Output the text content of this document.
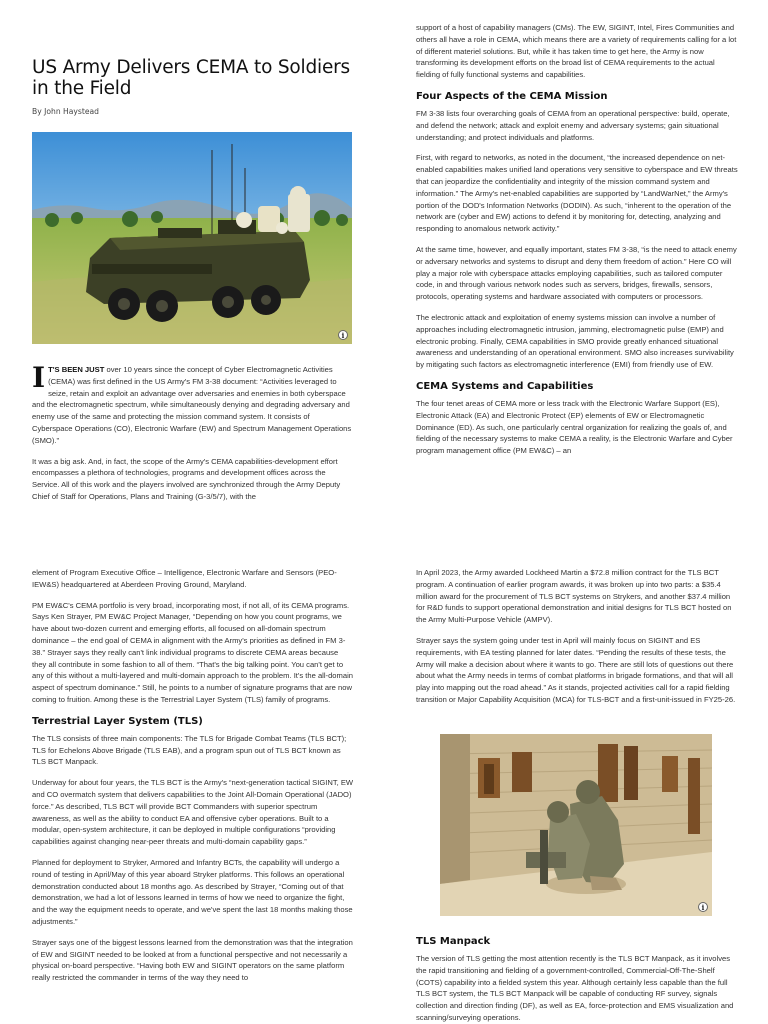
US Army Delivers CEMA to Soldiers in the Field
By John Haystead
i

I T'S BEEN JUST over 10 years since the concept of Cyber Electromagnetic Activities (CEMA) was first defined in the US Army's FM 3-38 document: “Activities leveraged to seize, retain and exploit an advantage over adversaries and enemies in both cyberspace and the electromagnetic spectrum, while simultaneously denying and degrading adversary and enemy use of the same and protecting the mission command system. It consists of Cyberspace Operations (CO), Electronic Warfare (EW) and Spectrum Management Operations (SMO).”

It was a big ask. And, in fact, the scope of the Army's CEMA capabilities-development effort encompasses a plethora of technologies, programs and development offices across the Service. All of this work and the players involved are synchronized through the Army Deputy Chief of Staff for Operations, Plans and Training (G-3/5/7), with the

support of a host of capability managers (CMs). The EW, SIGINT, Intel, Fires Communities and others all have a role in CEMA, which means there are a variety of requirements calling for a lot of different materiel solutions. But, while it has taken time to get here, the Army is now transforming its development efforts on the broad list of CEMA requirements to the actual fielding of fully functional systems and capabilities.

Four Aspects of the CEMA Mission

FM 3-38 lists four overarching goals of CEMA from an operational perspective: build, operate, and defend the network; attack and exploit enemy and adversary systems; gain situational understanding; and protect individuals and platforms.

First, with regard to networks, as noted in the document, “the increased dependence on net-enabled capabilities makes unified land operations very sensitive to cyberspace and EW threats that can jeopardize the confidentiality and integrity of the mission command system and information.” The Army's net-enabled capabilities are supported by “LandWarNet,” the Army's portion of the DOD's Information Networks (DODIN). As such, “inherent to the operation of the network are (cyber and EW) actions to defend it by monitoring for, detecting, analyzing and responding to anomalous network activity.”

At the same time, however, and equally important, states FM 3-38, “is the need to attack enemy or adversary networks and systems to disrupt and deny them freedom of action.” Here CO will play a major role with cyberspace attacks employing capabilities, such as tailored computer code, in and through various network nodes such as servers, bridges, firewalls, sensors, protocols, operating systems and hardware associated with computers or processors.

The electronic attack and exploitation of enemy systems mission can involve a number of approaches including electromagnetic intrusion, jamming, electromagnetic pulse (EMP) and electronic probing. Finally, CEMA capabilities in SMO provide greatly enhanced situational awareness and understanding of an operational environment. SMO also increases survivability by mitigating such factors as electromagnetic interference (EMI) from friendly use of EW.

CEMA Systems and Capabilities

The four tenet areas of CEMA more or less track with the Electronic Warfare Support (ES), Electronic Attack (EA) and Electronic Protect (EP) elements of EW or Electromagnetic Dominance (ED). As such, one particularly central organization for realizing the goals of, and fielding of the necessary systems to make CEMA a reality, is the Electronic Warfare and Cyber program management office (PM EW&C) – an

element of Program Executive Office – Intelligence, Electronic Warfare and Sensors (PEO-IEW&S) headquartered at Aberdeen Proving Ground, Maryland.

PM EW&C's CEMA portfolio is very broad, incorporating most, if not all, of its CEMA programs. Says Ken Strayer, PM EW&C Project Manager, “Depending on how you count programs, we have about two-dozen current and emerging efforts, all focused on all-domain spectrum dominance – the end goal of CEMA in alignment with the Army's priorities as defined in FM 3-38.” Strayer says they really can't link individual programs to discrete CEMA areas because they all contribute in some fashion to all of them. “That's the big talking point. You can't get to any of this without a multi-layered and multi-domain approach to the problem. It's the all-domain aspect of spectrum dominance.” Still, he points to a number of signature programs that are now coming to fruition. Among these is the Terrestrial Layer System (TLS) family of programs.

Terrestrial Layer System (TLS)

The TLS consists of three main components: The TLS for Brigade Combat Teams (TLS BCT); TLS for Echelons Above Brigade (TLS EAB), and a program spun out of TLS BCT known as TLS BCT Manpack.

Underway for about four years, the TLS BCT is the Army's “next-generation tactical SIGINT, EW and CO overmatch system that delivers capabilities to the Joint All-Domain Operational (JADO) force.” As described, TLS BCT will provide BCT Commanders with superior spectrum awareness, as well as the ability to conduct EA and offensive cyber operations. Built to a modular, open-system architecture, it can be deployed in multiple configurations “providing capabilities against changing near-peer threats and multi-domain capability gaps.”

Planned for deployment to Stryker, Armored and Infantry BCTs, the capability will undergo a round of testing in April/May of this year aboard Stryker platforms. This follows an operational demonstration conducted about 18 months ago. As described by Strayer, “Coming out of that demonstration, we had a lot of lessons learned in terms of how we need to organize the fight, and the way the equipment needs to operate, and we've spent the last 18 months making those adjustments.”

Strayer says one of the biggest lessons learned from the demonstration was that the integration of EW and SIGINT needed to be looked at from a functional perspective and not necessarily a physical on-board perspective. “Having both EW and SIGINT operators on the same platform really restricted the commander in terms of the way they need to

In April 2023, the Army awarded Lockheed Martin a $72.8 million contract for the TLS BCT program. A continuation of earlier program awards, it was broken up into two parts: a $35.4 million award for the procurement of TLS BCT systems on Strykers, and another $37.4 million for R&D funds to support operational demonstration and initial designs for TLS BCT hosted on the Army Multi-Purpose Vehicle (AMPV).

Strayer says the system going under test in April will mainly focus on SIGINT and ES requirements, with EA testing planned for later dates. “Pending the results of these tests, the Army will make a decision about where it wants to go. There are still lots of questions out there about what the Army needs in terms of combat platforms in brigade formations, and that will all play into mapping out the road ahead.” As it stands, projected activities call for a rapid fielding transition or Major Capability Acquisition (MCA) for TLS-BCT and a first-unit-issued in FY25-26.

i
TLS Manpack

The version of TLS getting the most attention recently is the TLS BCT Manpack, as it involves the rapid transitioning and fielding of a government-controlled, Commercial-Off-The-Shelf (COTS) capability into a fielded system this year. Although certainly less capable than the full TLS BCT system, the TLS BCT Manpack will be capable of conducting RF survey, signals collection and direction finding (DF), as well as EA, force-protection and EMS visualization and scanning/surveying operations.
